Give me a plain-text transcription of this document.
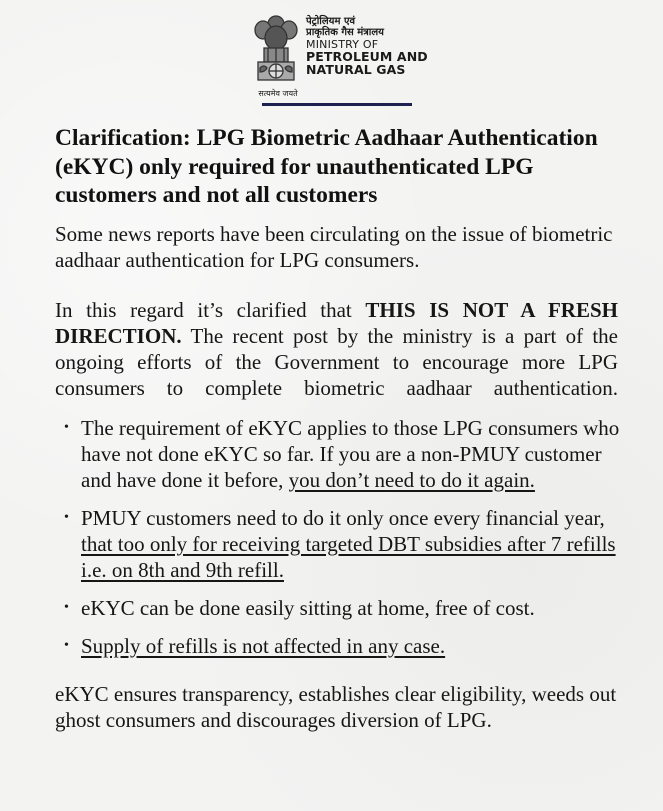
सत्यमेव जयते
पेट्रोलियम एवं
प्राकृतिक गैस मंत्रालय
MINISTRY OF
PETROLEUM AND
NATURAL GAS
Clarification: LPG Biometric Aadhaar Authentication (eKYC) only required for unauthenticated LPG customers and not all customers

Some news reports have been circulating on the issue of biometric aadhaar authentication for LPG consumers.

In this regard it’s clarified that THIS IS NOT A FRESH DIRECTION. The recent post by the ministry is a part of the ongoing efforts of the Government to encourage more LPG consumers to complete biometric aadhaar authentication.

• The requirement of eKYC applies to those LPG consumers who have not done eKYC so far. If you are a non-PMUY customer and have done it before, you don’t need to do it again.
• PMUY customers need to do it only once every financial year, that too only for receiving targeted DBT subsidies after 7 refills i.e. on 8th and 9th refill.
• eKYC can be done easily sitting at home, free of cost.
• Supply of refills is not affected in any case.

eKYC ensures transparency, establishes clear eligibility, weeds out ghost consumers and discourages diversion of LPG.
